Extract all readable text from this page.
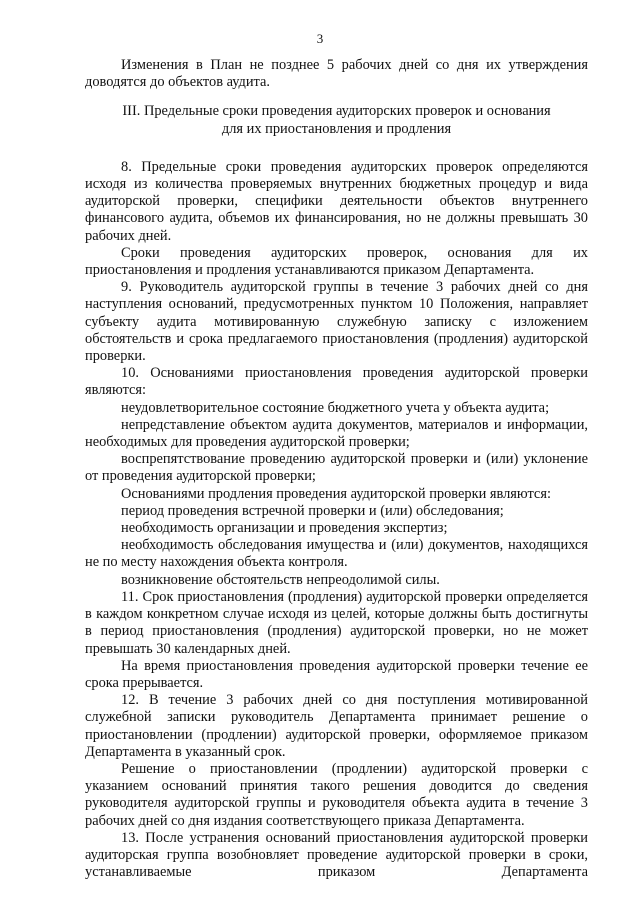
3

Изменения в План не позднее 5 рабочих дней со дня их утверждения доводятся до объектов аудита.

III. Предельные сроки проведения аудиторских проверок и основания

для их приостановления и продления

8. Предельные сроки проведения аудиторских проверок определяются исходя из количества проверяемых внутренних бюджетных процедур и вида аудиторской проверки, специфики деятельности объектов внутреннего финансового аудита, объемов их финансирования, но не должны превышать 30 рабочих дней.

Сроки проведения аудиторских проверок, основания для их приостановления и продления устанавливаются приказом Департамента.

9. Руководитель аудиторской группы в течение 3 рабочих дней со дня наступления оснований, предусмотренных пунктом 10 Положения, направляет субъекту аудита мотивированную служебную записку с изложением обстоятельств и срока предлагаемого приостановления (продления) аудиторской проверки.

10. Основаниями приостановления проведения аудиторской проверки являются:

неудовлетворительное состояние бюджетного учета у объекта аудита;

непредставление объектом аудита документов, материалов и информации, необходимых для проведения аудиторской проверки;

воспрепятствование проведению аудиторской проверки и (или) уклонение от проведения аудиторской проверки;

Основаниями продления проведения аудиторской проверки являются:

период проведения встречной проверки и (или) обследования;

необходимость организации и проведения экспертиз;

необходимость обследования имущества и (или) документов, находящихся не по месту нахождения объекта контроля.

возникновение обстоятельств непреодолимой силы.

11. Срок приостановления (продления) аудиторской проверки определяется в каждом конкретном случае исходя из целей, которые должны быть достигнуты в период приостановления (продления) аудиторской проверки, но не может превышать 30 календарных дней.

На время приостановления проведения аудиторской проверки течение ее срока прерывается.

12. В течение 3 рабочих дней со дня поступления мотивированной служебной записки руководитель Департамента принимает решение о приостановлении (продлении) аудиторской проверки, оформляемое приказом Департамента в указанный срок.

Решение о приостановлении (продлении) аудиторской проверки с указанием оснований принятия такого решения доводится до сведения руководителя аудиторской группы и руководителя объекта аудита в течение 3 рабочих дней со дня издания соответствующего приказа Департамента.

13. После устранения оснований приостановления аудиторской проверки аудиторская группа возобновляет проведение аудиторской проверки в сроки, устанавливаемые приказом Департамента
